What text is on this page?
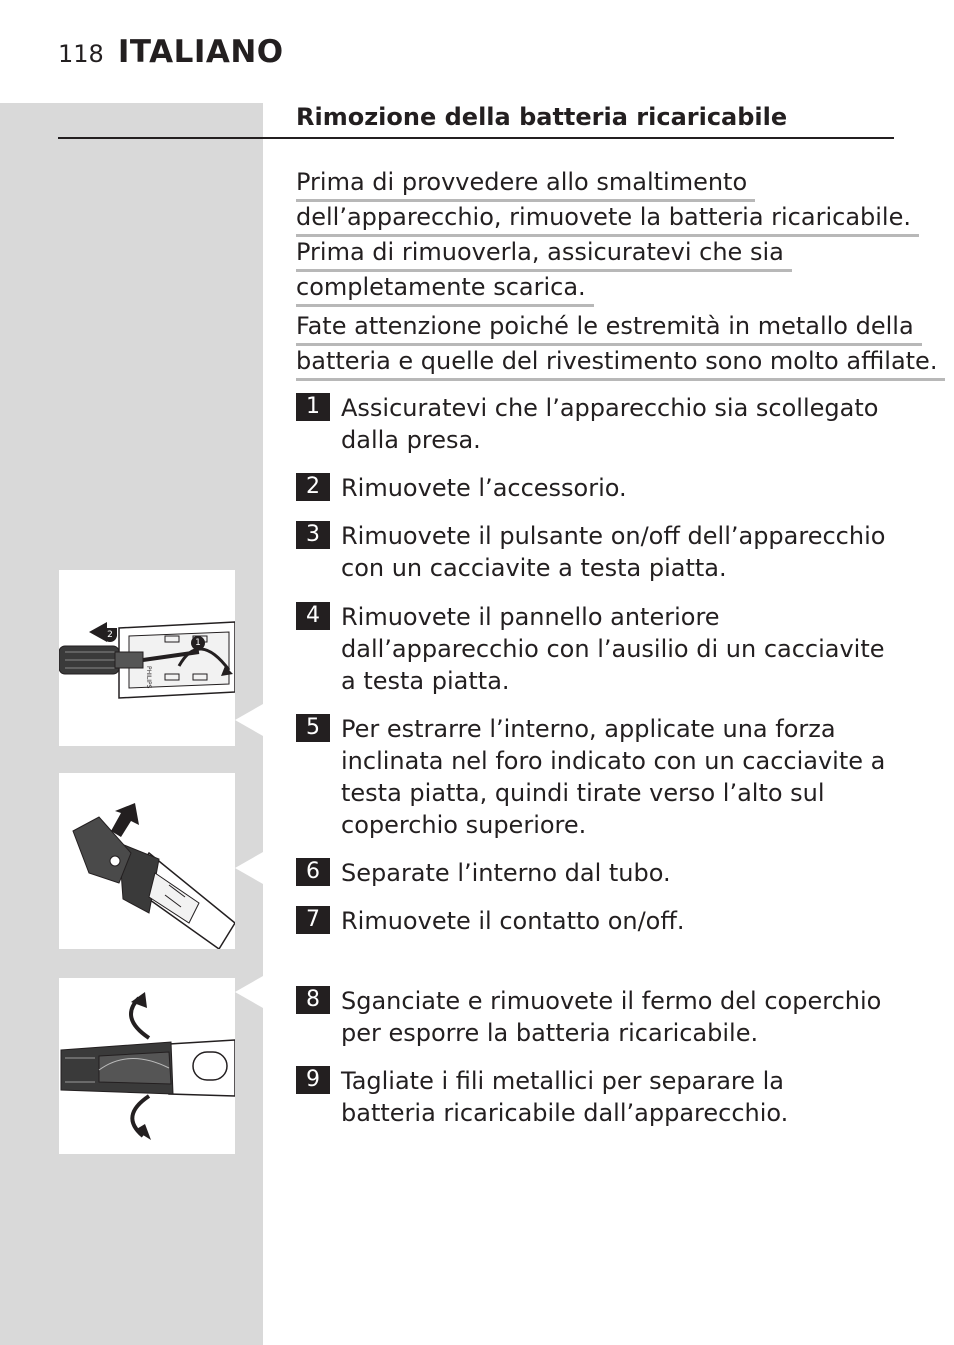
118 ITALIANO
Rimozione della batteria ricaricabile
Prima di provvedere allo smaltimento
dell’apparecchio, rimuovete la batteria ricaricabile.
Prima di rimuoverla, assicuratevi che sia
completamente scarica.
Fate attenzione poiché le estremità in metallo della
batteria e quelle del rivestimento sono molto affilate.
1 Assicuratevi che l’apparecchio sia scollegato dalla presa.
2 Rimuovete l’accessorio.
3 Rimuovete il pulsante on/off dell’apparecchio con un cacciavite a testa piatta.
4 Rimuovete il pannello anteriore dall’apparecchio con l’ausilio di un cacciavite a testa piatta.
5 Per estrarre l’interno, applicate una forza inclinata nel foro indicato con un cacciavite a testa piatta, quindi tirate verso l’alto sul coperchio superiore.
6 Separate l’interno dal tubo.
7 Rimuovete il contatto on/off.
8 Sganciate e rimuovete il fermo del coperchio per esporre la batteria ricaricabile.
9 Tagliate i fili metallici per separare la batteria ricaricabile dall’apparecchio.
PHILIPS
2
1
